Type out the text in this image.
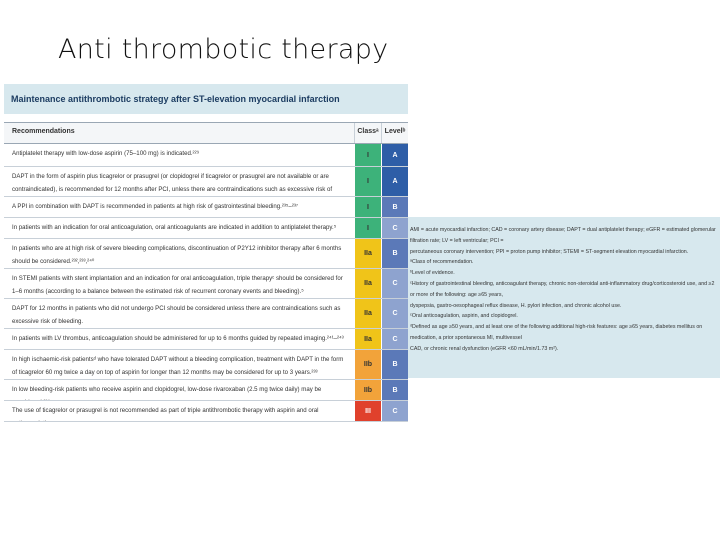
Anti thrombotic therapy
Maintenance antithrombotic strategy after ST-elevation myocardial infarction
Recommendations	Classᵃ Levelᵇ
Antiplatelet therapy with low-dose aspirin (75–100 mg) is indicated.²²⁹	I	A
DAPT in the form of aspirin plus ticagrelor or prasugrel (or clopidogrel if ticagrelor or prasugrel are not available or are contraindicated), is recommended for 12 months after PCI, unless there are contraindications such as excessive risk of
I	A
A PPI in combination with DAPT is recommended in patients at high risk of gastrointestinal bleeding.²³⁵–²³⁷	I	B
In patients with an indication for oral anticoagulation, oral anticoagulants are indicated in addition to antiplatelet therapy.⁵	I	C
In patients who are at high risk of severe bleeding complications, discontinuation of P2Y12 inhibitor therapy after 6 months should be considered.²³²,²³³,²⁴⁰
IIa	B
In STEMI patients with stent implantation and an indication for oral anticoagulation, triple therapyᶜ should be considered for 1–6 months (according to a balance between the estimated risk of recurrent coronary events and bleeding).⁵
IIa	C
DAPT for 12 months in patients who did not undergo PCI should be considered unless there are contraindications such as excessive risk of bleeding.
IIa	C
In patients with LV thrombus, anticoagulation should be administered for up to 6 months guided by repeated imaging.²⁴¹–²⁴³	IIa	C
In high ischaemic-risk patientsᵈ who have tolerated DAPT without a bleeding complication, treatment with DAPT in the form of ticagrelor 60 mg twice a day on top of aspirin for longer than 12 months may be considered for up to 3 years.²³³
IIb	B
In low bleeding-risk patients who receive aspirin and clopidogrel, low-dose rivaroxaban (2.5 mg twice daily) may be	IIb	B
The use of ticagrelor or prasugrel is not recommended as part of triple antithrombotic therapy with aspirin and oral	III	C
AMI = acute myocardial infarction; CAD = coronary artery disease; DAPT = dual antiplatelet therapy; eGFR = estimated glomerular filtration rate; LV = left ventricular; PCI =
percutaneous coronary intervention; PPI = proton pump inhibitor; STEMI = ST-segment elevation myocardial infarction.
ᵃClass of recommendation.
ᵇLevel of evidence.
ᶜHistory of gastrointestinal bleeding, anticoagulant therapy, chronic non-steroidal anti-inflammatory drug/corticosteroid use, and ≥2 or more of the following: age ≥65 years,
dyspepsia, gastro-oesophageal reflux disease, H. pylori infection, and chronic alcohol use.
ᶜOral anticoagulation, aspirin, and clopidogrel.
ᵈDefined as age ≥50 years, and at least one of the following additional high-risk features: age ≥65 years, diabetes mellitus on medication, a prior spontaneous MI, multivessel
CAD, or chronic renal dysfunction (eGFR <60 mL/min/1.73 m²).
